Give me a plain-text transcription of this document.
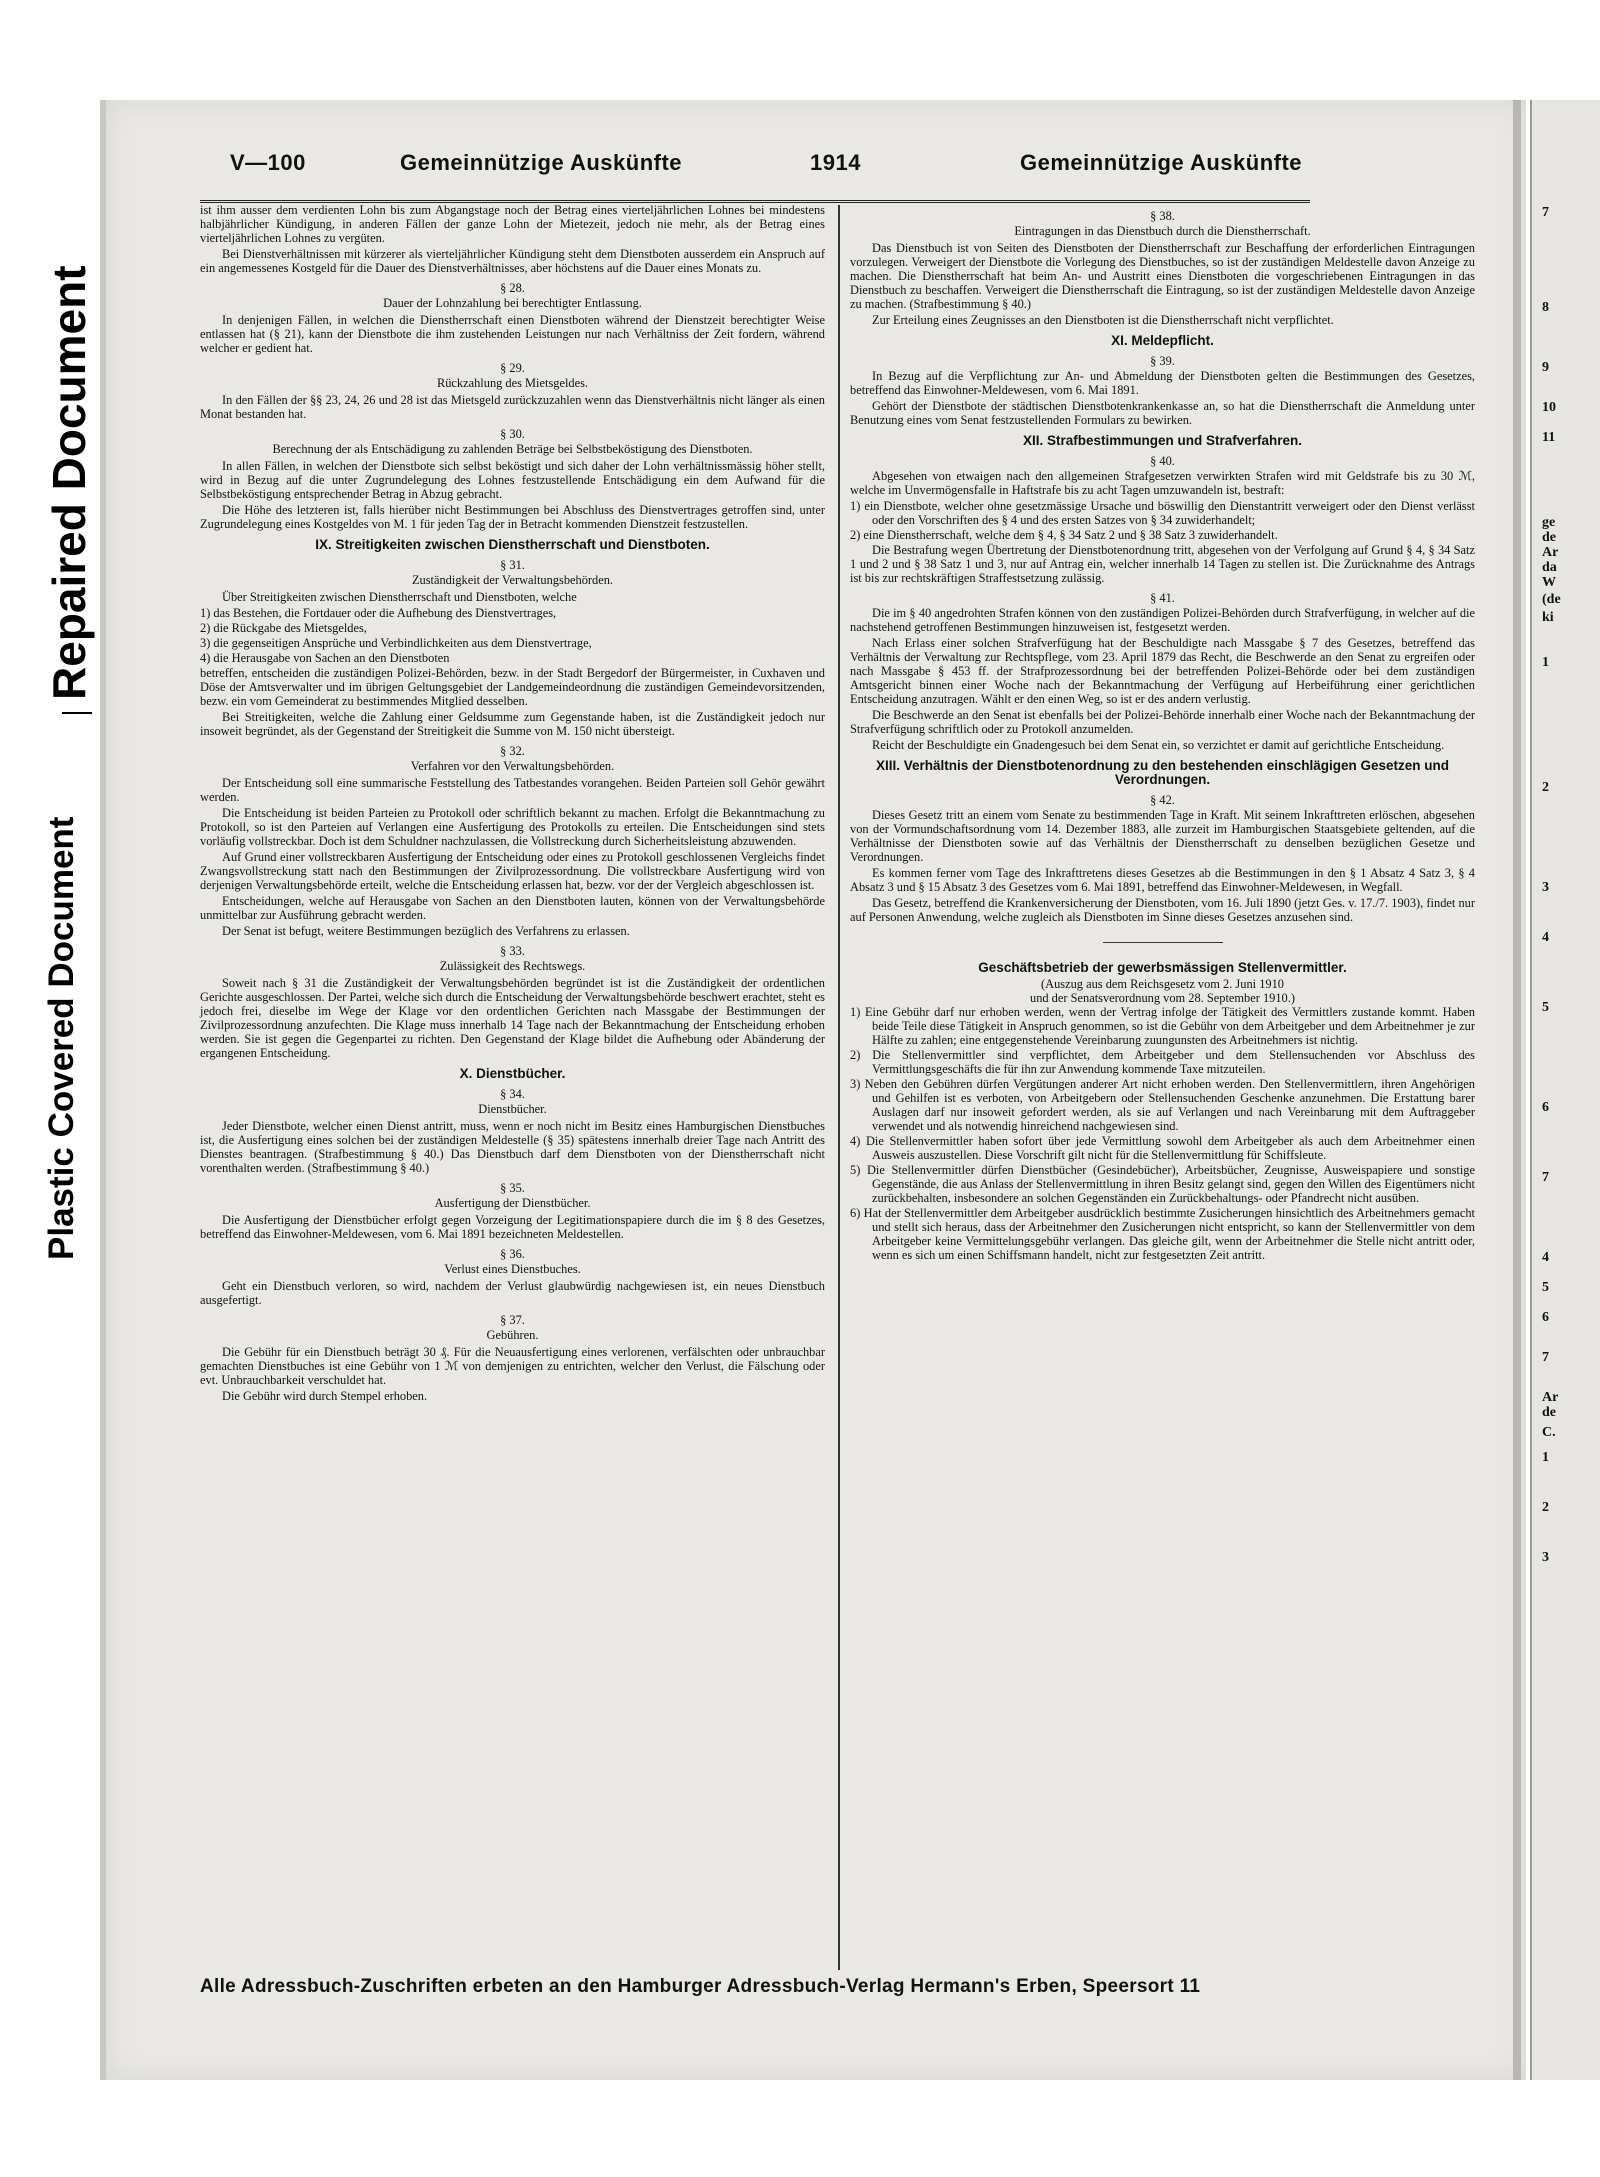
Repaired Document
Plastic Covered Document
7
8
9
10
11
ge
de
Ar
da
W
(de
ki
1
2
3
4
5
6
7
4
5
6
7
Ar
de
C.
1
2
3
V—100	Gemeinnützige Auskünfte	1914	Gemeinnützige Auskünfte

ist ihm ausser dem verdienten Lohn bis zum Abgangstage noch der Betrag eines vierteljährlichen Lohnes bei mindestens halbjährlicher Kündigung, in anderen Fällen der ganze Lohn der Mietezeit, jedoch nie mehr, als der Betrag eines vierteljährlichen Lohnes zu vergüten.

Bei Dienstverhältnissen mit kürzerer als vierteljährlicher Kündigung steht dem Dienstboten ausserdem ein Anspruch auf ein angemessenes Kostgeld für die Dauer des Dienstverhältnisses, aber höchstens auf die Dauer eines Monats zu.

§ 28.
Dauer der Lohnzahlung bei berechtigter Entlassung.

In denjenigen Fällen, in welchen die Dienstherrschaft einen Dienstboten während der Dienstzeit berechtigter Weise entlassen hat (§ 21), kann der Dienstbote die ihm zustehenden Leistungen nur nach Verhältniss der Zeit fordern, während welcher er gedient hat.

§ 29.
Rückzahlung des Mietsgeldes.

In den Fällen der §§ 23, 24, 26 und 28 ist das Mietsgeld zurückzuzahlen wenn das Dienstverhältnis nicht länger als einen Monat bestanden hat.

§ 30.
Berechnung der als Entschädigung zu zahlenden Beträge bei Selbstbeköstigung des Dienstboten.

In allen Fällen, in welchen der Dienstbote sich selbst beköstigt und sich daher der Lohn verhältnissmässig höher stellt, wird in Bezug auf die unter Zugrundelegung des Lohnes festzustellende Entschädigung ein dem Aufwand für die Selbstbeköstigung entsprechender Betrag in Abzug gebracht.

Die Höhe des letzteren ist, falls hierüber nicht Bestimmungen bei Abschluss des Dienstvertrages getroffen sind, unter Zugrundelegung eines Kostgeldes von M. 1 für jeden Tag der in Betracht kommenden Dienstzeit festzustellen.

IX. Streitigkeiten zwischen Dienstherrschaft und Dienstboten.
§ 31.
Zuständigkeit der Verwaltungsbehörden.

Über Streitigkeiten zwischen Dienstherrschaft und Dienstboten, welche

1) das Bestehen, die Fortdauer oder die Aufhebung des Dienstvertrages,
2) die Rückgabe des Mietsgeldes,
3) die gegenseitigen Ansprüche und Verbindlichkeiten aus dem Dienstvertrage,
4) die Herausgabe von Sachen an den Dienstboten

betreffen, entscheiden die zuständigen Polizei-Behörden, bezw. in der Stadt Bergedorf der Bürgermeister, in Cuxhaven und Döse der Amtsverwalter und im übrigen Geltungsgebiet der Landgemeindeordnung die zuständigen Gemeindevorsitzenden, bezw. ein vom Gemeinderat zu bestimmendes Mitglied desselben.

Bei Streitigkeiten, welche die Zahlung einer Geldsumme zum Gegenstande haben, ist die Zuständigkeit jedoch nur insoweit begründet, als der Gegenstand der Streitigkeit die Summe von M. 150 nicht übersteigt.

§ 32.
Verfahren vor den Verwaltungsbehörden.

Der Entscheidung soll eine summarische Feststellung des Tatbestandes vorangehen. Beiden Parteien soll Gehör gewährt werden.

Die Entscheidung ist beiden Parteien zu Protokoll oder schriftlich bekannt zu machen. Erfolgt die Bekanntmachung zu Protokoll, so ist den Parteien auf Verlangen eine Ausfertigung des Protokolls zu erteilen. Die Entscheidungen sind stets vorläufig vollstreckbar. Doch ist dem Schuldner nachzulassen, die Vollstreckung durch Sicherheitsleistung abzuwenden.

Auf Grund einer vollstreckbaren Ausfertigung der Entscheidung oder eines zu Protokoll geschlossenen Vergleichs findet Zwangsvollstreckung statt nach den Bestimmungen der Zivilprozessordnung. Die vollstreckbare Ausfertigung wird von derjenigen Verwaltungsbehörde erteilt, welche die Entscheidung erlassen hat, bezw. vor der der Vergleich abgeschlossen ist.

Entscheidungen, welche auf Herausgabe von Sachen an den Dienstboten lauten, können von der Verwaltungsbehörde unmittelbar zur Ausführung gebracht werden.

Der Senat ist befugt, weitere Bestimmungen bezüglich des Verfahrens zu erlassen.

§ 33.
Zulässigkeit des Rechtswegs.

Soweit nach § 31 die Zuständigkeit der Verwaltungsbehörden begründet ist ist die Zuständigkeit der ordentlichen Gerichte ausgeschlossen. Der Partei, welche sich durch die Entscheidung der Verwaltungsbehörde beschwert erachtet, steht es jedoch frei, dieselbe im Wege der Klage vor den ordentlichen Gerichten nach Massgabe der Bestimmungen der Zivilprozessordnung anzufechten. Die Klage muss innerhalb 14 Tage nach der Bekanntmachung der Entscheidung erhoben werden. Sie ist gegen die Gegenpartei zu richten. Den Gegenstand der Klage bildet die Aufhebung oder Abänderung der ergangenen Entscheidung.

X. Dienstbücher.
§ 34.
Dienstbücher.

Jeder Dienstbote, welcher einen Dienst antritt, muss, wenn er noch nicht im Besitz eines Hamburgischen Dienstbuches ist, die Ausfertigung eines solchen bei der zuständigen Meldestelle (§ 35) spätestens innerhalb dreier Tage nach Antritt des Dienstes beantragen. (Strafbestimmung § 40.) Das Dienstbuch darf dem Dienstboten von der Dienstherrschaft nicht vorenthalten werden. (Strafbestimmung § 40.)

§ 35.
Ausfertigung der Dienstbücher.

Die Ausfertigung der Dienstbücher erfolgt gegen Vorzeigung der Legitimationspapiere durch die im § 8 des Gesetzes, betreffend das Einwohner-Meldewesen, vom 6. Mai 1891 bezeichneten Meldestellen.

§ 36.
Verlust eines Dienstbuches.

Geht ein Dienstbuch verloren, so wird, nachdem der Verlust glaubwürdig nachgewiesen ist, ein neues Dienstbuch ausgefertigt.

§ 37.
Gebühren.

Die Gebühr für ein Dienstbuch beträgt 30 ₰. Für die Neuausfertigung eines verlorenen, verfälschten oder unbrauchbar gemachten Dienstbuches ist eine Gebühr von 1 ℳ von demjenigen zu entrichten, welcher den Verlust, die Fälschung oder evt. Unbrauchbarkeit verschuldet hat.

Die Gebühr wird durch Stempel erhoben.

§ 38.
Eintragungen in das Dienstbuch durch die Dienstherrschaft.

Das Dienstbuch ist von Seiten des Dienstboten der Dienstherrschaft zur Beschaffung der erforderlichen Eintragungen vorzulegen. Verweigert der Dienstbote die Vorlegung des Dienstbuches, so ist der zuständigen Meldestelle davon Anzeige zu machen. Die Dienstherrschaft hat beim An- und Austritt eines Dienstboten die vorgeschriebenen Eintragungen in das Dienstbuch zu beschaffen. Verweigert die Dienstherrschaft die Eintragung, so ist der zuständigen Meldestelle davon Anzeige zu machen. (Strafbestimmung § 40.)

Zur Erteilung eines Zeugnisses an den Dienstboten ist die Dienstherrschaft nicht verpflichtet.

XI. Meldepflicht.
§ 39.

In Bezug auf die Verpflichtung zur An- und Abmeldung der Dienstboten gelten die Bestimmungen des Gesetzes, betreffend das Einwohner-Meldewesen, vom 6. Mai 1891.

Gehört der Dienstbote der städtischen Dienstbotenkrankenkasse an, so hat die Dienstherrschaft die Anmeldung unter Benutzung eines vom Senat festzustellenden Formulars zu bewirken.

XII. Strafbestimmungen und Strafverfahren.
§ 40.

Abgesehen von etwaigen nach den allgemeinen Strafgesetzen verwirkten Strafen wird mit Geldstrafe bis zu 30 ℳ, welche im Unvermögensfalle in Haftstrafe bis zu acht Tagen umzuwandeln ist, bestraft:

1) ein Dienstbote, welcher ohne gesetzmässige Ursache und böswillig den Dienstantritt verweigert oder den Dienst verlässt oder den Vorschriften des § 4 und des ersten Satzes von § 34 zuwiderhandelt;
2) eine Dienstherrschaft, welche dem § 4, § 34 Satz 2 und § 38 Satz 3 zuwiderhandelt.

Die Bestrafung wegen Übertretung der Dienstbotenordnung tritt, abgesehen von der Verfolgung auf Grund § 4, § 34 Satz 1 und 2 und § 38 Satz 1 und 3, nur auf Antrag ein, welcher innerhalb 14 Tagen zu stellen ist. Die Zurücknahme des Antrags ist bis zur rechtskräftigen Straffestsetzung zulässig.

§ 41.

Die im § 40 angedrohten Strafen können von den zuständigen Polizei-Behörden durch Strafverfügung, in welcher auf die nachstehend getroffenen Bestimmungen hinzuweisen ist, festgesetzt werden.

Nach Erlass einer solchen Strafverfügung hat der Beschuldigte nach Massgabe § 7 des Gesetzes, betreffend das Verhältnis der Verwaltung zur Rechtspflege, vom 23. April 1879 das Recht, die Beschwerde an den Senat zu ergreifen oder nach Massgabe § 453 ff. der Strafprozessordnung bei der betreffenden Polizei-Behörde oder bei dem zuständigen Amtsgericht binnen einer Woche nach der Bekanntmachung der Verfügung auf Herbeiführung einer gerichtlichen Entscheidung anzutragen. Wählt er den einen Weg, so ist er des andern verlustig.

Die Beschwerde an den Senat ist ebenfalls bei der Polizei-Behörde innerhalb einer Woche nach der Bekanntmachung der Strafverfügung schriftlich oder zu Protokoll anzumelden.

Reicht der Beschuldigte ein Gnadengesuch bei dem Senat ein, so verzichtet er damit auf gerichtliche Entscheidung.

XIII. Verhältnis der Dienstbotenordnung zu den bestehenden einschlägigen Gesetzen und Verordnungen.
§ 42.

Dieses Gesetz tritt an einem vom Senate zu bestimmenden Tage in Kraft. Mit seinem Inkrafttreten erlöschen, abgesehen von der Vormundschaftsordnung vom 14. Dezember 1883, alle zurzeit im Hamburgischen Staatsgebiete geltenden, auf die Verhältnisse der Dienstboten sowie auf das Verhältnis der Dienstherrschaft zu denselben bezüglichen Gesetze und Verordnungen.

Es kommen ferner vom Tage des Inkrafttretens dieses Gesetzes ab die Bestimmungen in den § 1 Absatz 4 Satz 3, § 4 Absatz 3 und § 15 Absatz 3 des Gesetzes vom 6. Mai 1891, betreffend das Einwohner-Meldewesen, in Wegfall.

Das Gesetz, betreffend die Krankenversicherung der Dienstboten, vom 16. Juli 1890 (jetzt Ges. v. 17./7. 1903), findet nur auf Personen Anwendung, welche zugleich als Dienstboten im Sinne dieses Gesetzes anzusehen sind.

Geschäftsbetrieb der gewerbsmässigen Stellenvermittler.
(Auszug aus dem Reichsgesetz vom 2. Juni 1910
und der Senatsverordnung vom 28. September 1910.)
1) Eine Gebühr darf nur erhoben werden, wenn der Vertrag infolge der Tätigkeit des Vermittlers zustande kommt. Haben beide Teile diese Tätigkeit in Anspruch genommen, so ist die Gebühr von dem Arbeitgeber und dem Arbeitnehmer je zur Hälfte zu zahlen; eine entgegenstehende Vereinbarung zuungunsten des Arbeitnehmers ist nichtig.
2) Die Stellenvermittler sind verpflichtet, dem Arbeitgeber und dem Stellensuchenden vor Abschluss des Vermittlungsgeschäfts die für ihn zur Anwendung kommende Taxe mitzuteilen.
3) Neben den Gebühren dürfen Vergütungen anderer Art nicht erhoben werden. Den Stellenvermittlern, ihren Angehörigen und Gehilfen ist es verboten, von Arbeitgebern oder Stellensuchenden Geschenke anzunehmen. Die Erstattung barer Auslagen darf nur insoweit gefordert werden, als sie auf Verlangen und nach Vereinbarung mit dem Auftraggeber verwendet und als notwendig hinreichend nachgewiesen sind.
4) Die Stellenvermittler haben sofort über jede Vermittlung sowohl dem Arbeitgeber als auch dem Arbeitnehmer einen Ausweis auszustellen. Diese Vorschrift gilt nicht für die Stellenvermittlung für Schiffsleute.
5) Die Stellenvermittler dürfen Dienstbücher (Gesindebücher), Arbeitsbücher, Zeugnisse, Ausweispapiere und sonstige Gegenstände, die aus Anlass der Stellenvermittlung in ihren Besitz gelangt sind, gegen den Willen des Eigentümers nicht zurückbehalten, insbesondere an solchen Gegenständen ein Zurückbehaltungs- oder Pfandrecht nicht ausüben.
6) Hat der Stellenvermittler dem Arbeitgeber ausdrücklich bestimmte Zusicherungen hinsichtlich des Arbeitnehmers gemacht und stellt sich heraus, dass der Arbeitnehmer den Zusicherungen nicht entspricht, so kann der Stellenvermittler von dem Arbeitgeber keine Vermittelungsgebühr verlangen. Das gleiche gilt, wenn der Arbeitnehmer die Stelle nicht antritt oder, wenn es sich um einen Schiffsmann handelt, nicht zur festgesetzten Zeit antritt.
Alle Adressbuch-Zuschriften erbeten an den Hamburger Adressbuch-Verlag Hermann's Erben, Speersort 11
